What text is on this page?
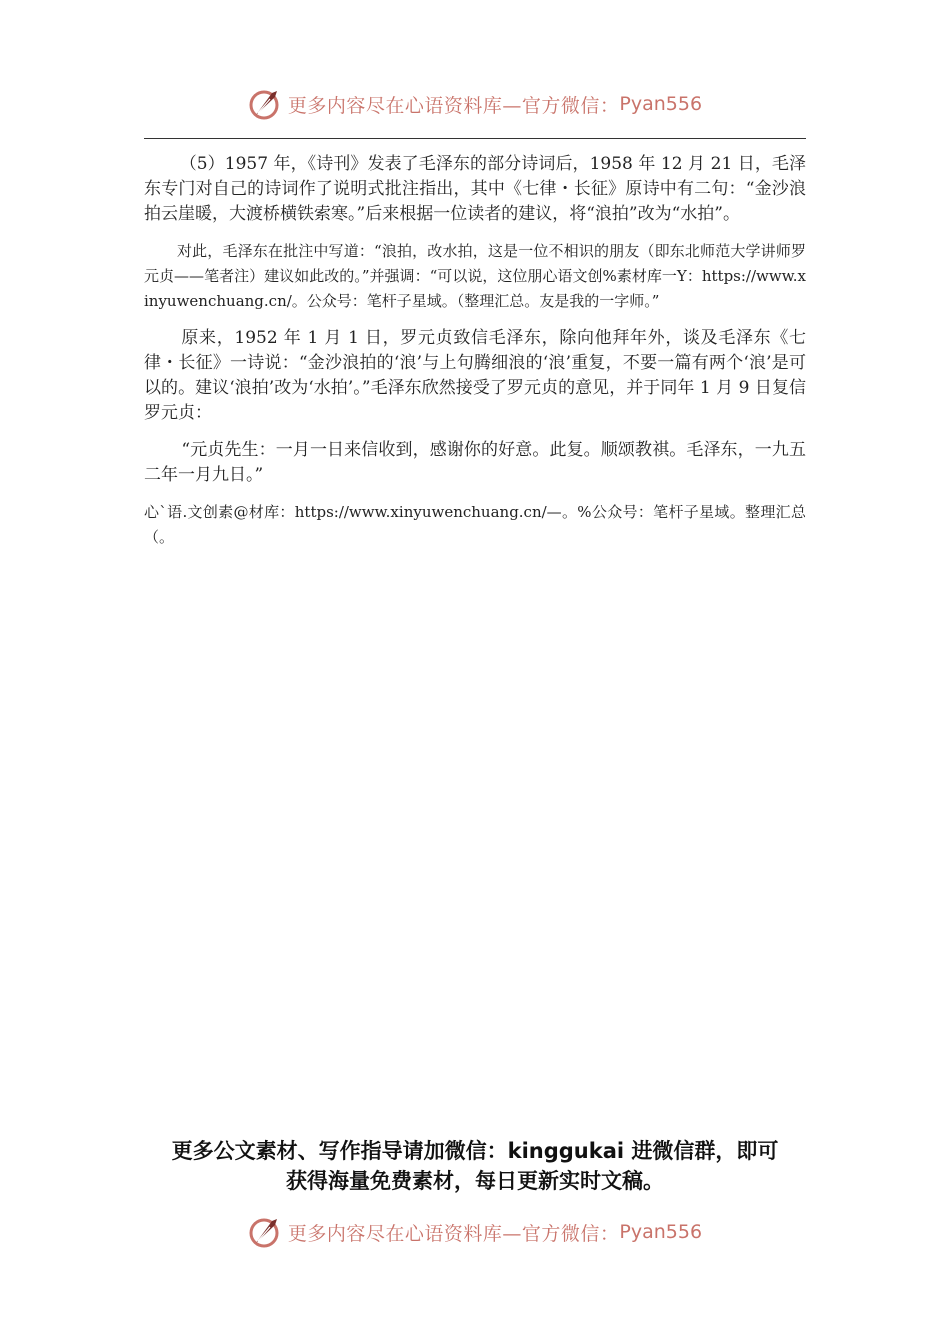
更多内容尽在心语资料库—官方微信： Pyan556

（5）1957 年，《诗刊》发表了毛泽东的部分诗词后，1958 年 12 月 21 日，毛泽东专门对自己的诗词作了说明式批注指出，其中《七律・长征》原诗中有二句：“金沙浪拍云崖暖，大渡桥横铁索寒。”后来根据一位读者的建议，将“浪拍”改为“水拍”。

对此，毛泽东在批注中写道：“浪拍，改水拍，这是一位不相识的朋友（即东北师范大学讲师罗元贞——笔者注）建议如此改的。”并强调：“可以说，这位朋心语文创%素材库一Y：https://www.xinyuwenchuang.cn/。公众号：笔杆子星域。（整理汇总。友是我的一字师。”

原来，1952 年 1 月 1 日，罗元贞致信毛泽东，除向他拜年外，谈及毛泽东《七律・长征》一诗说：“金沙浪拍的‘浪’与上句腾细浪的‘浪’重复，不要一篇有两个‘浪’是可以的。建议‘浪拍’改为‘水拍’。”毛泽东欣然接受了罗元贞的意见，并于同年 1 月 9 日复信罗元贞：

“元贞先生：一月一日来信收到，感谢你的好意。此复。顺颂教祺。毛泽东，一九五二年一月九日。”

心`语.文创素@材库：https://www.xinyuwenchuang.cn/—。%公众号：笔杆子星域。整理汇总（。

更多公文素材、写作指导请加微信：kinggukai 进微信群，即可
获得海量免费素材，每日更新实时文稿。
更多内容尽在心语资料库—官方微信： Pyan556
